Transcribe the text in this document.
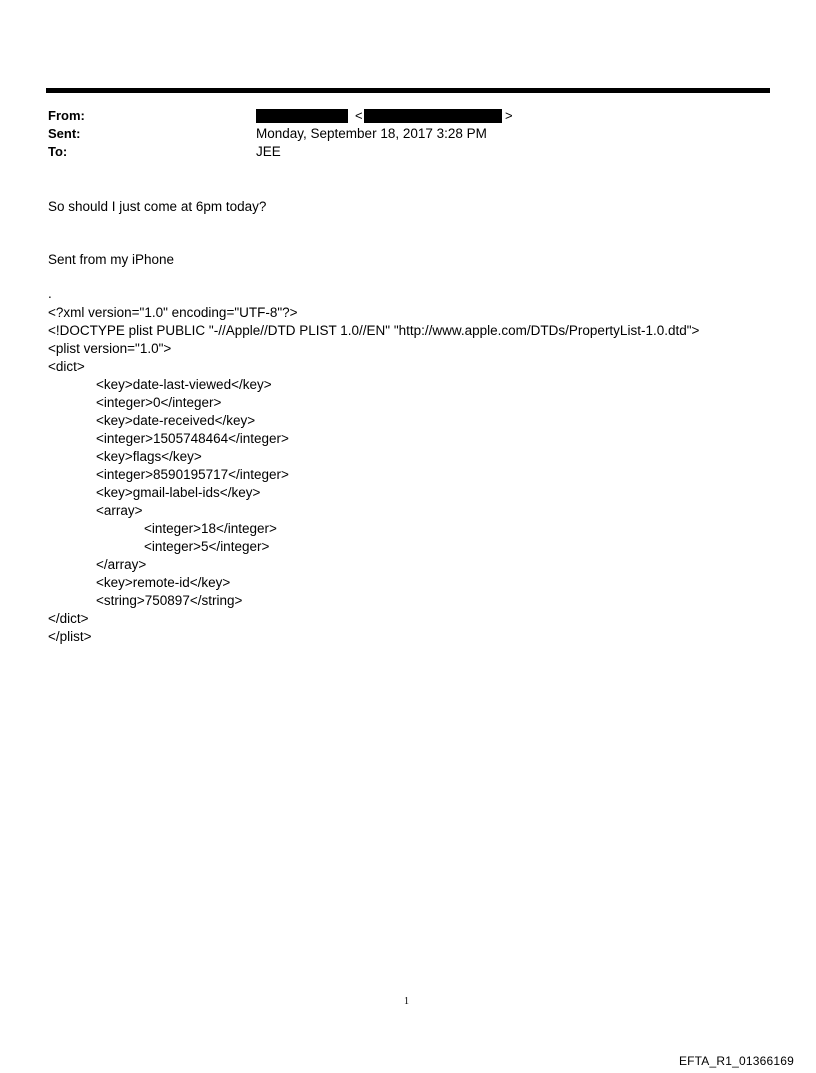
From:	<	>
Sent:	Monday, September 18, 2017 3:28 PM
To:	JEE
So should I just come at 6pm today?
Sent from my iPhone
.
<?xml version="1.0" encoding="UTF-8"?>
<!DOCTYPE plist PUBLIC "-//Apple//DTD PLIST 1.0//EN" "http://www.apple.com/DTDs/PropertyList-1.0.dtd">
<plist version="1.0">
<dict>
<key>date-last-viewed</key>
<integer>0</integer>
<key>date-received</key>
<integer>1505748464</integer>
<key>flags</key>
<integer>8590195717</integer>
<key>gmail-label-ids</key>
<array>
<integer>18</integer>
<integer>5</integer>
</array>
<key>remote-id</key>
<string>750897</string>
</dict>
</plist>
1
EFTA_R1_01366169
